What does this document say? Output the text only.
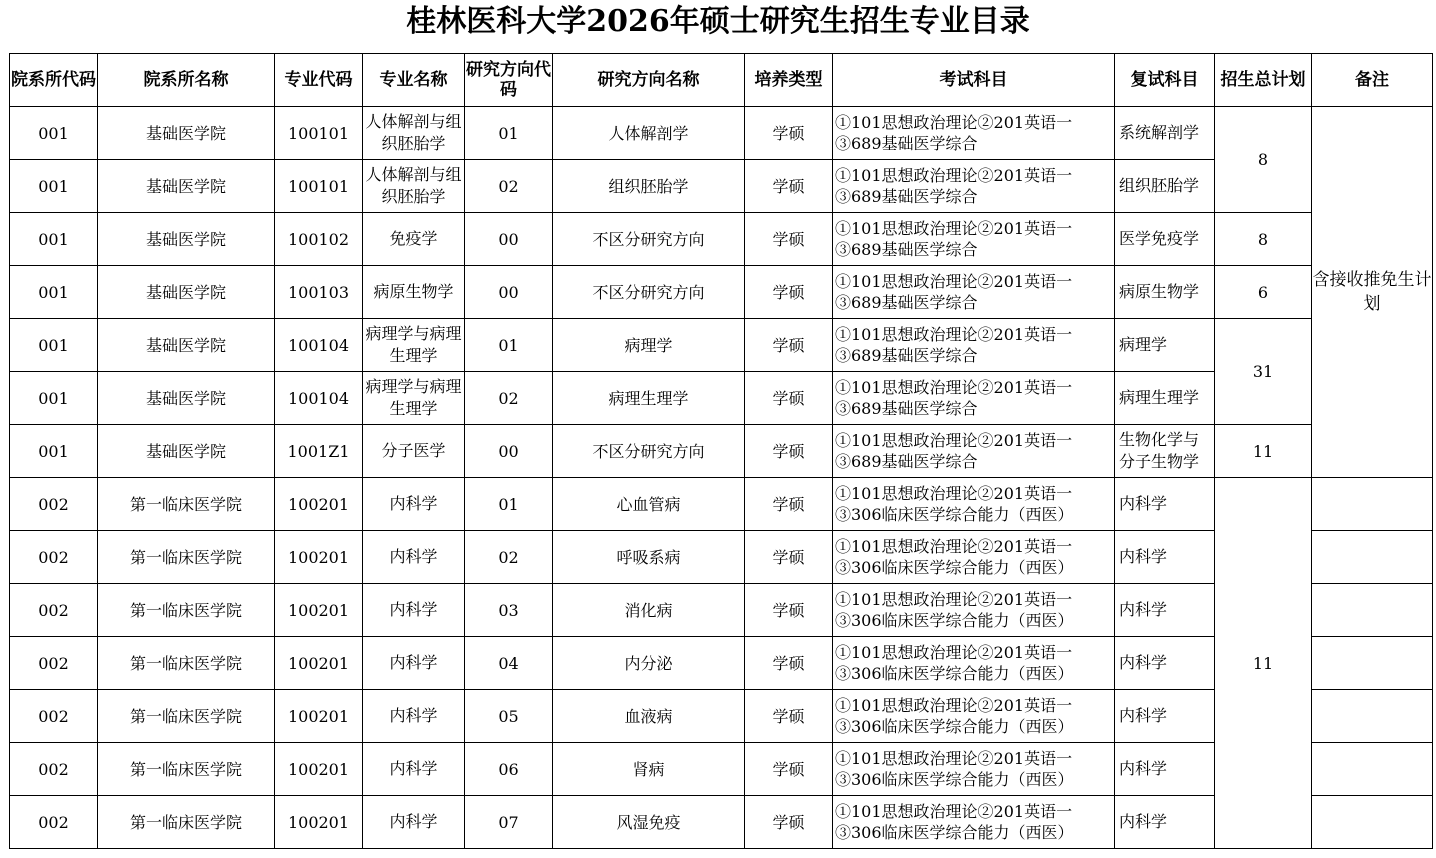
桂林医科大学2026年硕士研究生招生专业目录
院系所代码	院系所名称	专业代码	专业名称	研究方向代码	研究方向名称	培养类型	考试科目	复试科目	招生总计划	备注
001	基础医学院	100101	人体解剖与组织胚胎学	01	人体解剖学	学硕	①101思想政治理论②201英语一
③689基础医学综合	系统解剖学	8	含接收推免生计划
001	基础医学院	100101	人体解剖与组织胚胎学	02	组织胚胎学	学硕	①101思想政治理论②201英语一
③689基础医学综合	组织胚胎学		
001	基础医学院	100102	免疫学	00	不区分研究方向	学硕	①101思想政治理论②201英语一
③689基础医学综合	医学免疫学	8	
001	基础医学院	100103	病原生物学	00	不区分研究方向	学硕	①101思想政治理论②201英语一
③689基础医学综合	病原生物学	6	
001	基础医学院	100104	病理学与病理生理学	01	病理学	学硕	①101思想政治理论②201英语一
③689基础医学综合	病理学	31	
001	基础医学院	100104	病理学与病理生理学	02	病理生理学	学硕	①101思想政治理论②201英语一
③689基础医学综合	病理生理学		
001	基础医学院	1001Z1	分子医学	00	不区分研究方向	学硕	①101思想政治理论②201英语一
③689基础医学综合	生物化学与分子生物学	11	
002	第一临床医学院	100201	内科学	01	心血管病	学硕	①101思想政治理论②201英语一
③306临床医学综合能力（西医）	内科学	11	
002	第一临床医学院	100201	内科学	02	呼吸系病	学硕	①101思想政治理论②201英语一
③306临床医学综合能力（西医）	内科学		
002	第一临床医学院	100201	内科学	03	消化病	学硕	①101思想政治理论②201英语一
③306临床医学综合能力（西医）	内科学		
002	第一临床医学院	100201	内科学	04	内分泌	学硕	①101思想政治理论②201英语一
③306临床医学综合能力（西医）	内科学		
002	第一临床医学院	100201	内科学	05	血液病	学硕	①101思想政治理论②201英语一
③306临床医学综合能力（西医）	内科学		
002	第一临床医学院	100201	内科学	06	肾病	学硕	①101思想政治理论②201英语一
③306临床医学综合能力（西医）	内科学		
002	第一临床医学院	100201	内科学	07	风湿免疫	学硕	①101思想政治理论②201英语一
③306临床医学综合能力（西医）	内科学		
